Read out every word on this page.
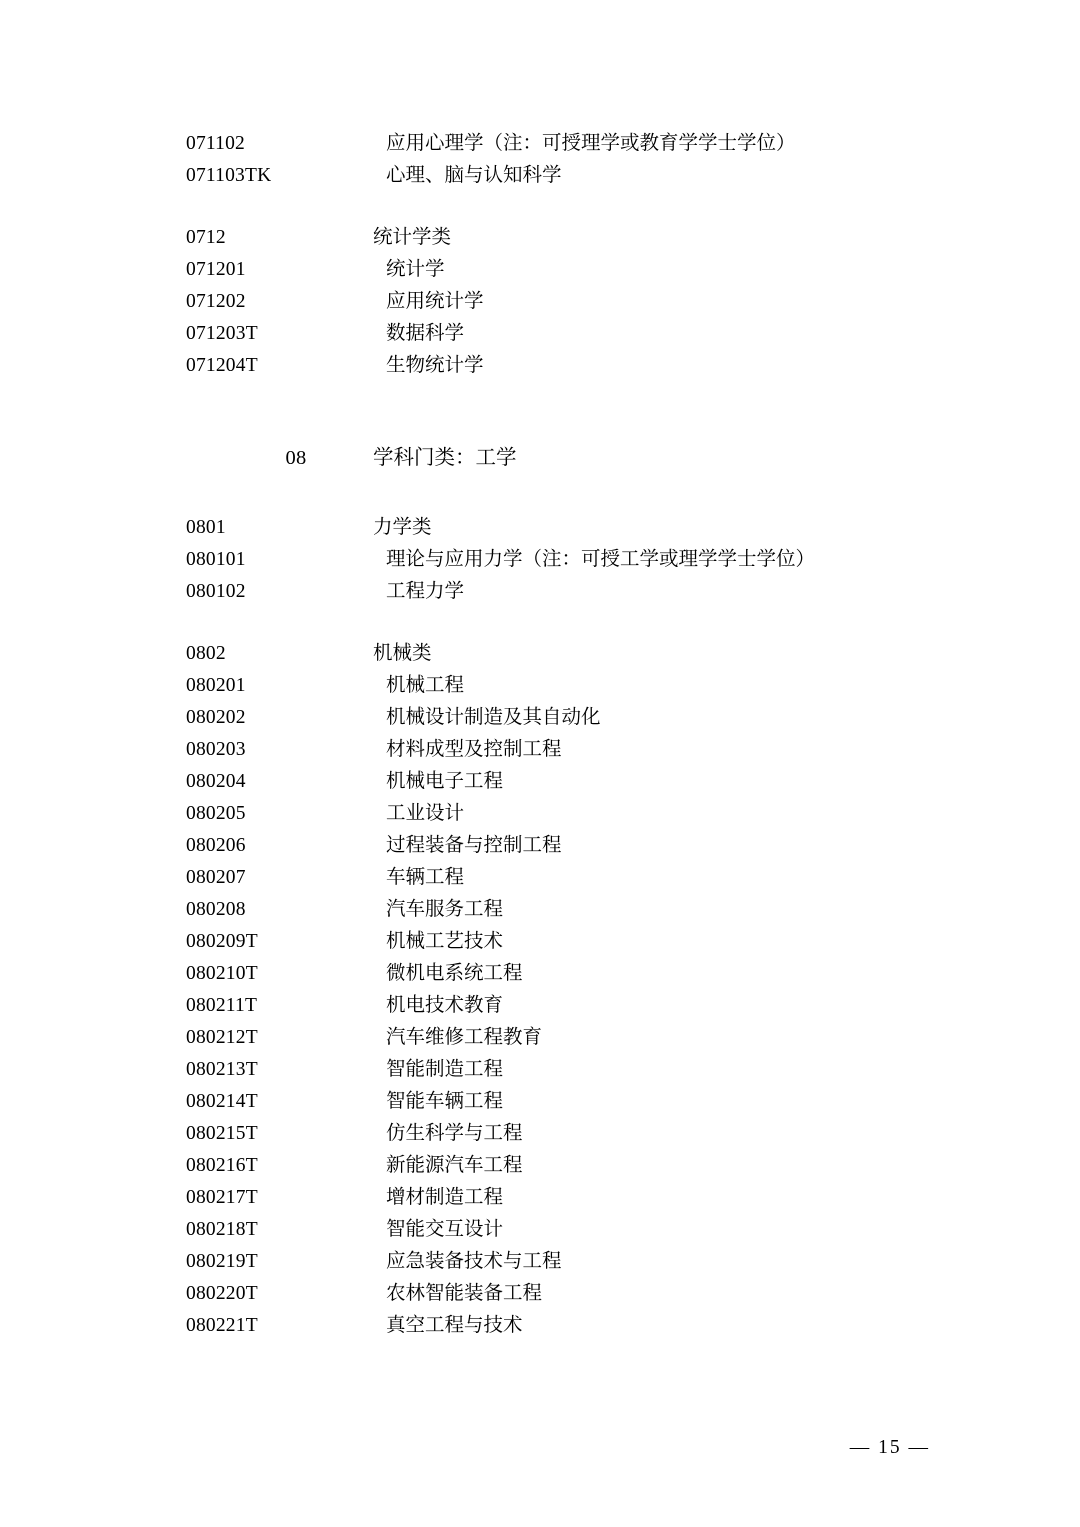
071102	应用心理学（注：可授理学或教育学学士学位）
071103TK	心理、脑与认知科学
0712	统计学类
071201	统计学
071202	应用统计学
071203T	数据科学
071204T	生物统计学
08	学科门类：工学
0801	力学类
080101	理论与应用力学（注：可授工学或理学学士学位）
080102	工程力学
0802	机械类
080201	机械工程
080202	机械设计制造及其自动化
080203	材料成型及控制工程
080204	机械电子工程
080205	工业设计
080206	过程装备与控制工程
080207	车辆工程
080208	汽车服务工程
080209T	机械工艺技术
080210T	微机电系统工程
080211T	机电技术教育
080212T	汽车维修工程教育
080213T	智能制造工程
080214T	智能车辆工程
080215T	仿生科学与工程
080216T	新能源汽车工程
080217T	增材制造工程
080218T	智能交互设计
080219T	应急装备技术与工程
080220T	农林智能装备工程
080221T	真空工程与技术
— 15 —
